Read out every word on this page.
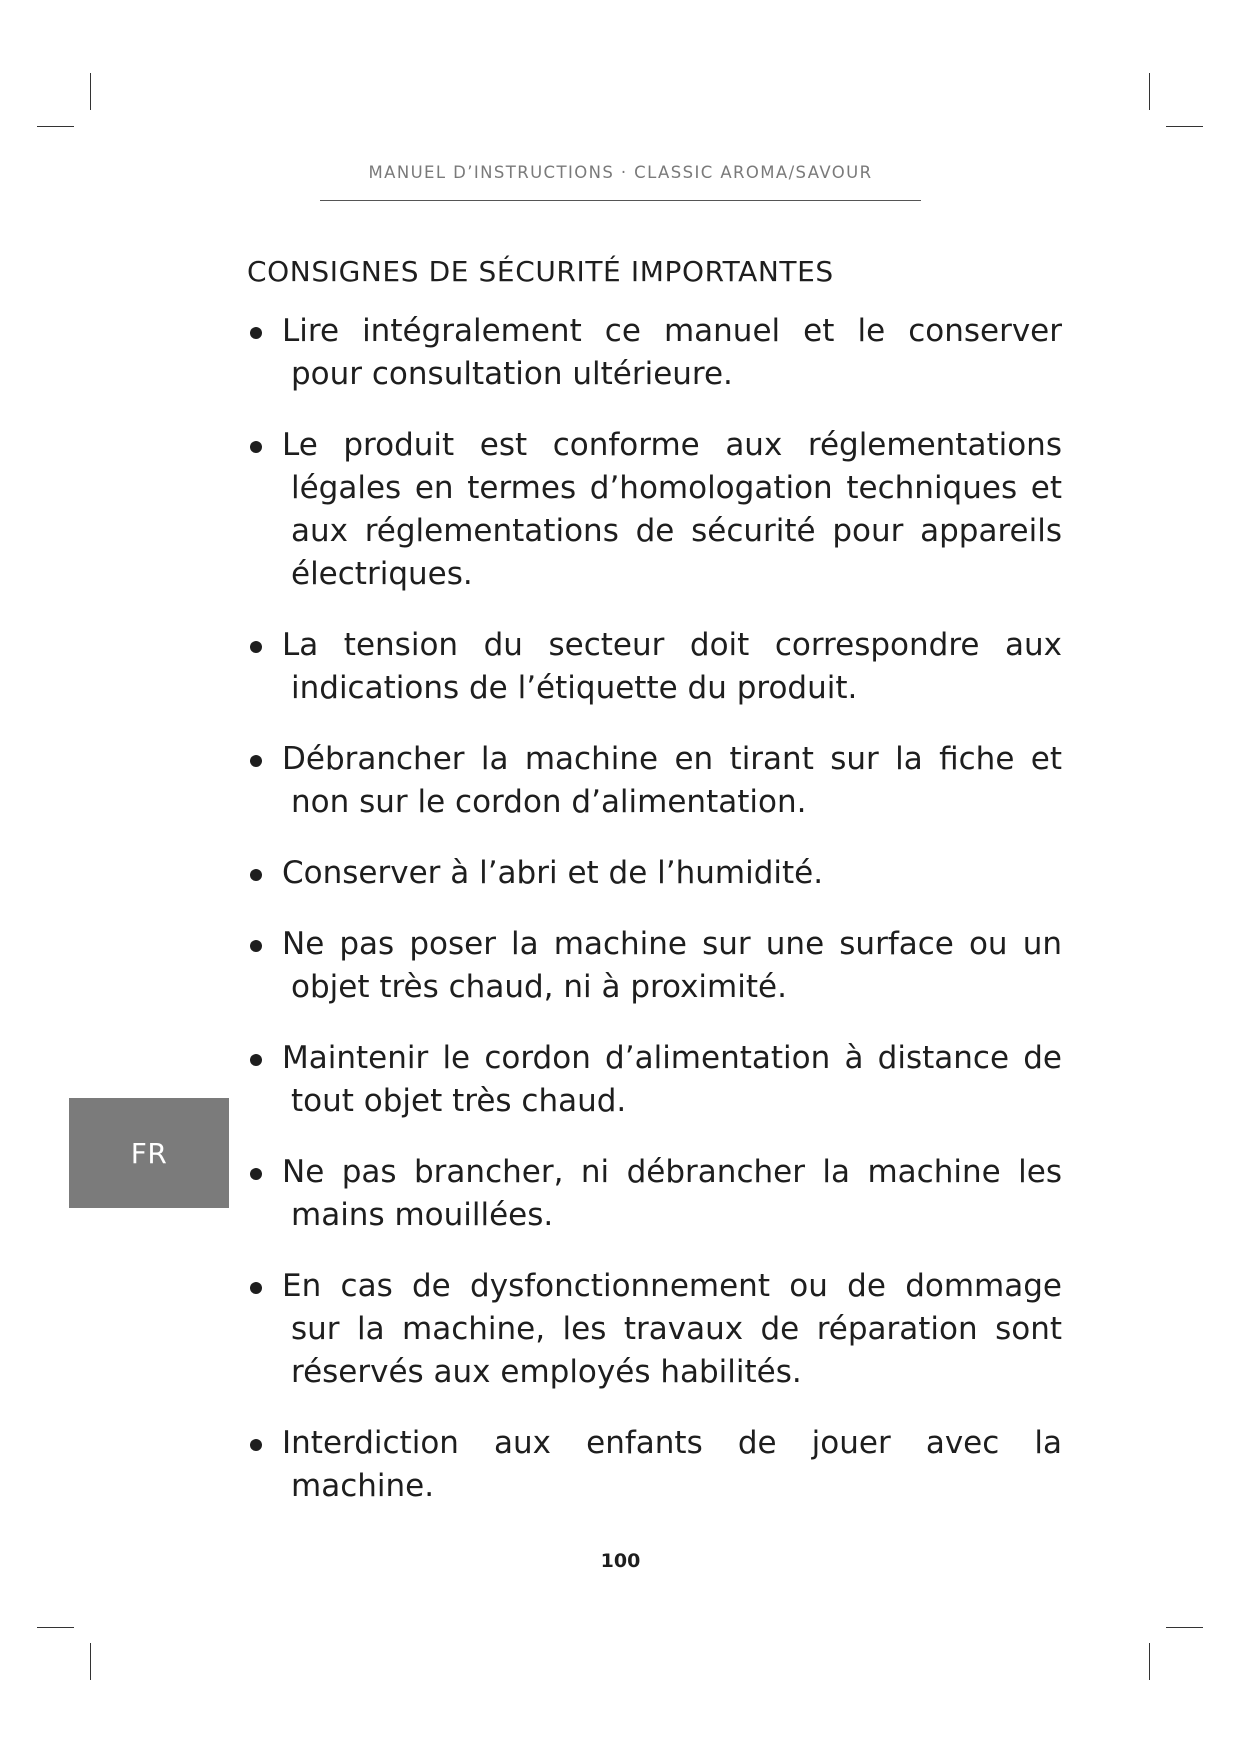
MANUEL D’INSTRUCTIONS · CLASSIC AROMA/SAVOUR
CONSIGNES DE SÉCURITÉ IMPORTANTES
Lire intégralement ce manuel et le conserver pour consultation ultérieure.
Le produit est conforme aux réglementations légales en termes d’homologation techniques et aux réglementations de sécurité pour appareils électriques.
La tension du secteur doit correspondre aux indications de l’étiquette du produit.
Débrancher la machine en tirant sur la fiche et non sur le cordon d’alimentation.
Conserver à l’abri et de l’humidité.
Ne pas poser la machine sur une surface ou un objet très chaud, ni à proximité.
Maintenir le cordon d’alimentation à distance de tout objet très chaud.
Ne pas brancher, ni débrancher la machine les mains mouillées.
En cas de dysfonctionnement ou de dommage sur la machine, les travaux de réparation sont réservés aux employés habilités.
Interdiction aux enfants de jouer avec la machine.
FR
100
